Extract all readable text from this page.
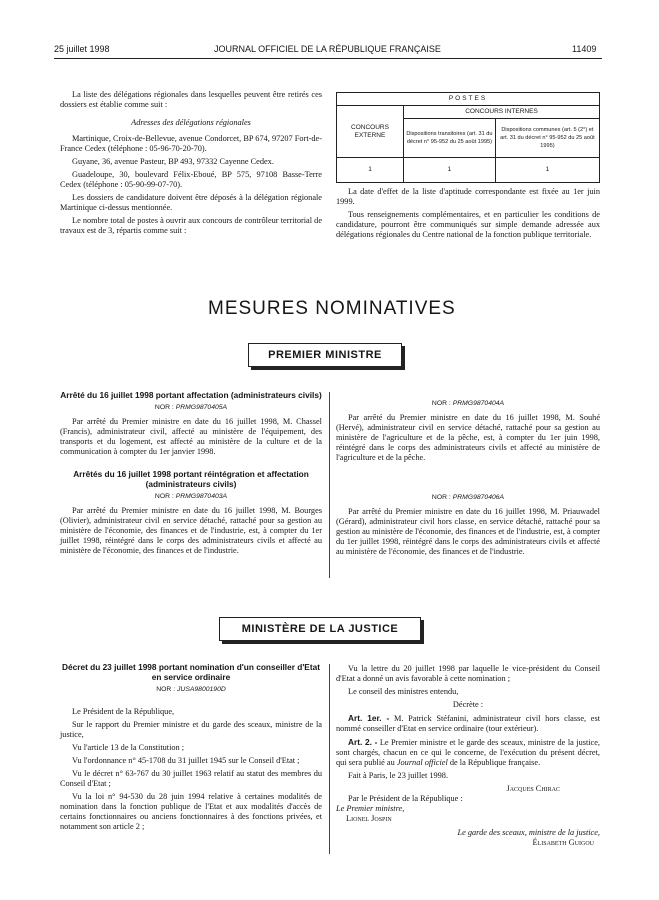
25 juillet 1998	JOURNAL OFFICIEL DE LA RÉPUBLIQUE FRANÇAISE	11409

La liste des délégations régionales dans lesquelles peuvent être retirés ces dossiers est établie comme suit :

Adresses des délégations régionales

Martinique, Croix-de-Bellevue, avenue Condorcet, BP 674, 97207 Fort-de-France Cedex (téléphone : 05-96-70-20-70).

Guyane, 36, avenue Pasteur, BP 493, 97332 Cayenne Cedex.

Guadeloupe, 30, boulevard Félix-Eboué, BP 575, 97108 Basse-Terre Cedex (téléphone : 05-90-99-07-70).

Les dossiers de candidature doivent être déposés à la délégation régionale Martinique ci-dessus mentionnée.

Le nombre total de postes à ouvrir aux concours de contrôleur territorial de travaux est de 3, répartis comme suit :

POSTES		
CONCOURS EXTERNE	CONCOURS INTERNES	
	Dispositions transitoires (art. 31 du décret n° 95-952 du 25 août 1995)	Dispositions communes (art. 5 (2°) et art. 31 du décret n° 95-952 du 25 août 1995)
1	1	1

La date d'effet de la liste d'aptitude correspondante est fixée au 1er juin 1999.

Tous renseignements complémentaires, et en particulier les conditions de candidature, pourront être communiqués sur simple demande adressée aux délégations régionales du Centre national de la fonction publique territoriale.

MESURES NOMINATIVES
PREMIER MINISTRE
Arrêté du 16 juillet 1998 portant affectation (administrateurs civils)
NOR : PRMG9870405A

Par arrêté du Premier ministre en date du 16 juillet 1998, M. Chassel (Francis), administrateur civil, affecté au ministère de l'équipement, des transports et du logement, est affecté au ministère de la culture et de la communication à compter du 1er janvier 1998.

Arrêtés du 16 juillet 1998 portant réintégration et affectation (administrateurs civils)
NOR : PRMG9870403A

Par arrêté du Premier ministre en date du 16 juillet 1998, M. Bourges (Olivier), administrateur civil en service détaché, rattaché pour sa gestion au ministère de l'économie, des finances et de l'industrie, est, à compter du 1er juillet 1998, réintégré dans le corps des administrateurs civils et affecté au ministère de l'économie, des finances et de l'industrie.

NOR : PRMG9870404A

Par arrêté du Premier ministre en date du 16 juillet 1998, M. Souhé (Hervé), administrateur civil en service détaché, rattaché pour sa gestion au ministère de l'agriculture et de la pêche, est, à compter du 1er juin 1998, réintégré dans le corps des administrateurs civils et affecté au ministère de l'agriculture et de la pêche.

NOR : PRMG9870406A

Par arrêté du Premier ministre en date du 16 juillet 1998, M. Priauwadel (Gérard), administrateur civil hors classe, en service détaché, rattaché pour sa gestion au ministère de l'économie, des finances et de l'industrie, est, à compter du 1er juillet 1998, réintégré dans le corps des administrateurs civils et affecté au ministère de l'économie, des finances et de l'industrie.

MINISTÈRE DE LA JUSTICE
Décret du 23 juillet 1998 portant nomination d'un conseiller d'Etat en service ordinaire
NOR : JUSA9800190D

Le Président de la République,

Sur le rapport du Premier ministre et du garde des sceaux, ministre de la justice,

Vu l'article 13 de la Constitution ;

Vu l'ordonnance n° 45-1708 du 31 juillet 1945 sur le Conseil d'Etat ;

Vu le décret n° 63-767 du 30 juillet 1963 relatif au statut des membres du Conseil d'Etat ;

Vu la loi n° 94-530 du 28 juin 1994 relative à certaines modalités de nomination dans la fonction publique de l'Etat et aux modalités d'accès de certains fonctionnaires ou anciens fonctionnaires à des fonctions privées, et notamment son article 2 ;

Vu la lettre du 20 juillet 1998 par laquelle le vice-président du Conseil d'Etat a donné un avis favorable à cette nomination ;

Le conseil des ministres entendu,

Décrète :

Art. 1er. - M. Patrick Stéfanini, administrateur civil hors classe, est nommé conseiller d'Etat en service ordinaire (tour extérieur).

Art. 2. - Le Premier ministre et le garde des sceaux, ministre de la justice, sont chargés, chacun en ce qui le concerne, de l'exécution du présent décret, qui sera publié au Journal officiel de la République française.

Fait à Paris, le 23 juillet 1998.

Jacques Chirac
Par le Président de la République :
Le Premier ministre,
Lionel Jospin
Le garde des sceaux, ministre de la justice,
Élisabeth Guigou
